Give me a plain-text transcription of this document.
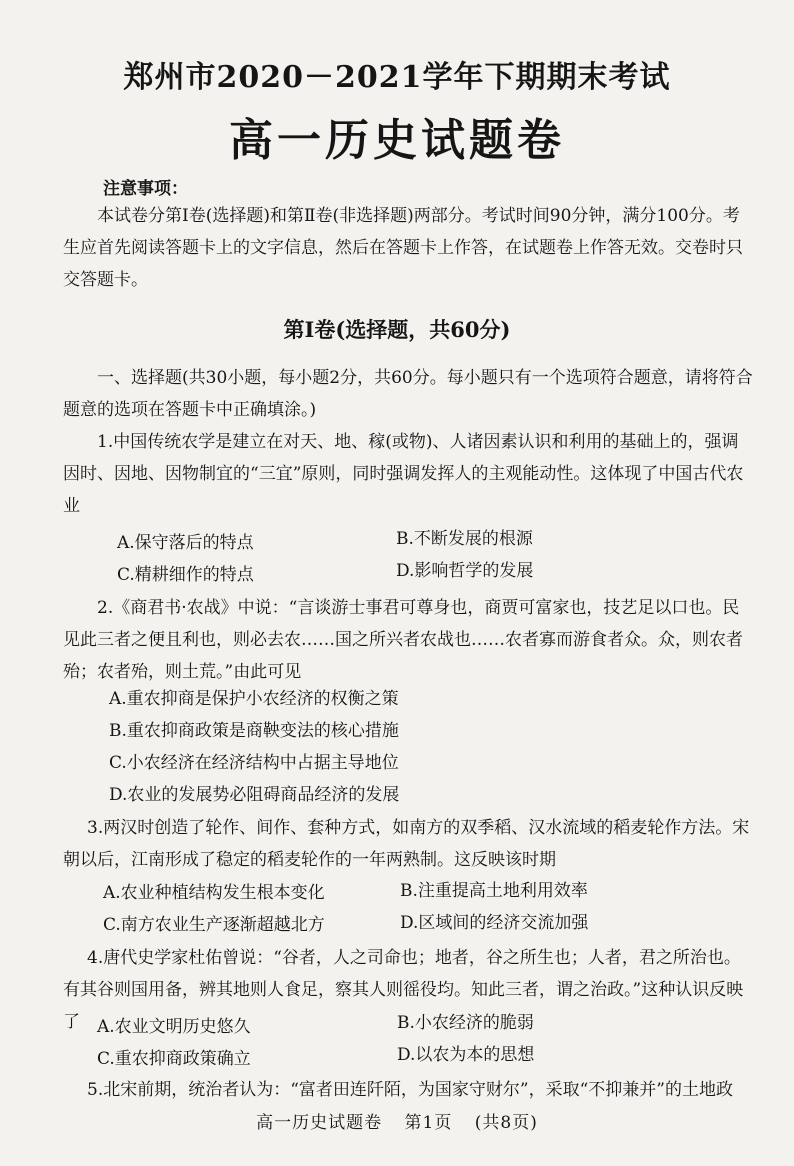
郑州市2020－2021学年下期期末考试
高一历史试题卷
注意事项：
本试卷分第Ⅰ卷(选择题)和第Ⅱ卷(非选择题)两部分。考试时间90分钟，满分100分。考生应首先阅读答题卡上的文字信息，然后在答题卡上作答，在试题卷上作答无效。交卷时只交答题卡。
第Ⅰ卷(选择题，共60分)
一、选择题(共30小题，每小题2分，共60分。每小题只有一个选项符合题意，请将符合题意的选项在答题卡中正确填涂。)
1.中国传统农学是建立在对天、地、稼(或物)、人诸因素认识和利用的基础上的，强调因时、因地、因物制宜的“三宜”原则，同时强调发挥人的主观能动性。这体现了中国古代农业
A.保守落后的特点	B.不断发展的根源
C.精耕细作的特点	D.影响哲学的发展
2.《商君书·农战》中说：“言谈游士事君可尊身也，商贾可富家也，技艺足以口也。民见此三者之便且利也，则必去农……国之所兴者农战也……农者寡而游食者众。众，则农者殆；农者殆，则土荒。”由此可见
A.重农抑商是保护小农经济的权衡之策
B.重农抑商政策是商鞅变法的核心措施
C.小农经济在经济结构中占据主导地位
D.农业的发展势必阻碍商品经济的发展
3.两汉时创造了轮作、间作、套种方式，如南方的双季稻、汉水流域的稻麦轮作方法。宋朝以后，江南形成了稳定的稻麦轮作的一年两熟制。这反映该时期
A.农业种植结构发生根本变化	B.注重提高土地利用效率
C.南方农业生产逐渐超越北方	D.区域间的经济交流加强
4.唐代史学家杜佑曾说：“谷者，人之司命也；地者，谷之所生也；人者，君之所治也。有其谷则国用备，辨其地则人食足，察其人则徭役均。知此三者，谓之治政。”这种认识反映了	A.农业文明历史悠久	B.小农经济的脆弱
C.重农抑商政策确立	D.以农为本的思想
5.北宋前期，统治者认为：“富者田连阡陌，为国家守财尔”，采取“不抑兼并”的土地政
高一历史试题卷 第1页 (共8页)
